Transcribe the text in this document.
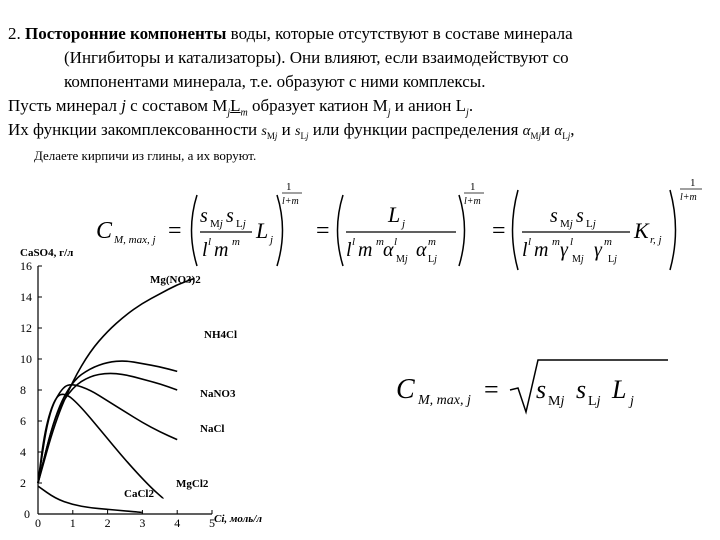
2. Посторонние компоненты воды, которые отсутствуют в составе минерала
(Ингибиторы и катализаторы). Они влияют, если взаимодействуют со
компонентами минерала, т.е. образуют с ними комплексы.
Пусть минерал j с составом $M_jL_m$ образует катион $M_j$ и анион $L_j$.
Их функции закомплексованности $s_{Mj}$ и $s_{Lj}$ или функции распределения $\alpha_{Mj}и$ $\alpha_{Lj}$,
Делаете кирпичи из глины, а их воруют.
C M, max, j =
s Mj s Lj
l l m m L j
1
l+m
=
L j
l l m m α Mj
l α Lj
m
1
l+m
=
s Mj s Lj
l l m m γ l
Mj γ m
Lj
K r, j
1
l+m
C M, max, j = s Mj s Lj L j
CaSO4, г/л
Ci, моль/л
0 1 2 3 4 5
2
4
6
8
10
12
14
16
0
Mg(NO3)2
NH4Cl
NaNO3
NaCl
MgCl2
CaCl2
